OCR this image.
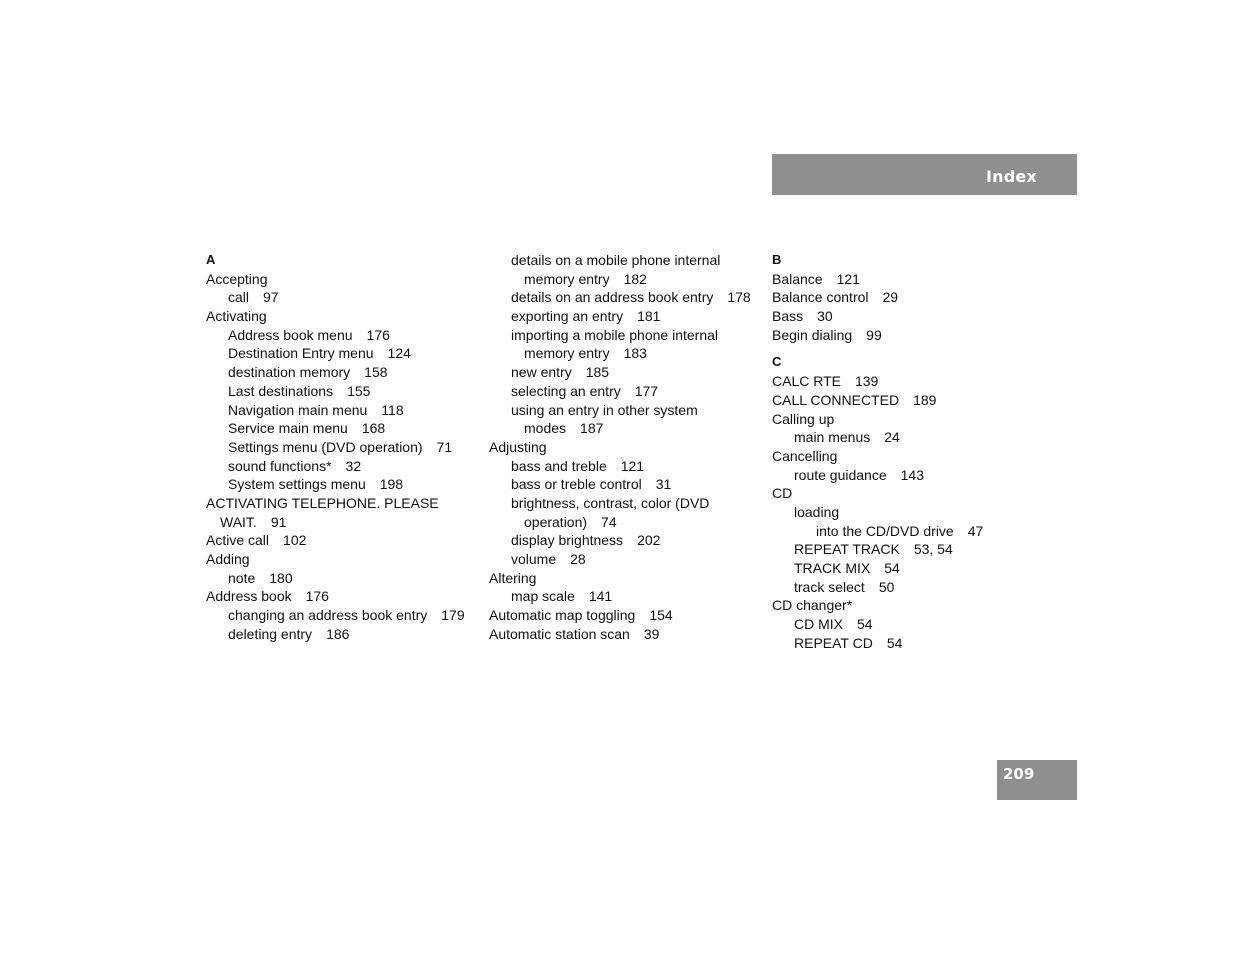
Index
A
Accepting
call 97
Activating
Address book menu 176
Destination Entry menu 124
destination memory 158
Last destinations 155
Navigation main menu 118
Service main menu 168
Settings menu (DVD operation) 71
sound functions* 32
System settings menu 198
ACTIVATING TELEPHONE. PLEASE
WAIT. 91
Active call 102
Adding
note 180
Address book 176
changing an address book entry 179
deleting entry 186
details on a mobile phone internal
memory entry 182
details on an address book entry 178
exporting an entry 181
importing a mobile phone internal
memory entry 183
new entry 185
selecting an entry 177
using an entry in other system
modes 187
Adjusting
bass and treble 121
bass or treble control 31
brightness, contrast, color (DVD
operation) 74
display brightness 202
volume 28
Altering
map scale 141
Automatic map toggling 154
Automatic station scan 39
B
Balance 121
Balance control 29
Bass 30
Begin dialing 99
C
CALC RTE 139
CALL CONNECTED 189
Calling up
main menus 24
Cancelling
route guidance 143
CD
loading
into the CD/DVD drive 47
REPEAT TRACK 53, 54
TRACK MIX 54
track select 50
CD changer*
CD MIX 54
REPEAT CD 54
209
